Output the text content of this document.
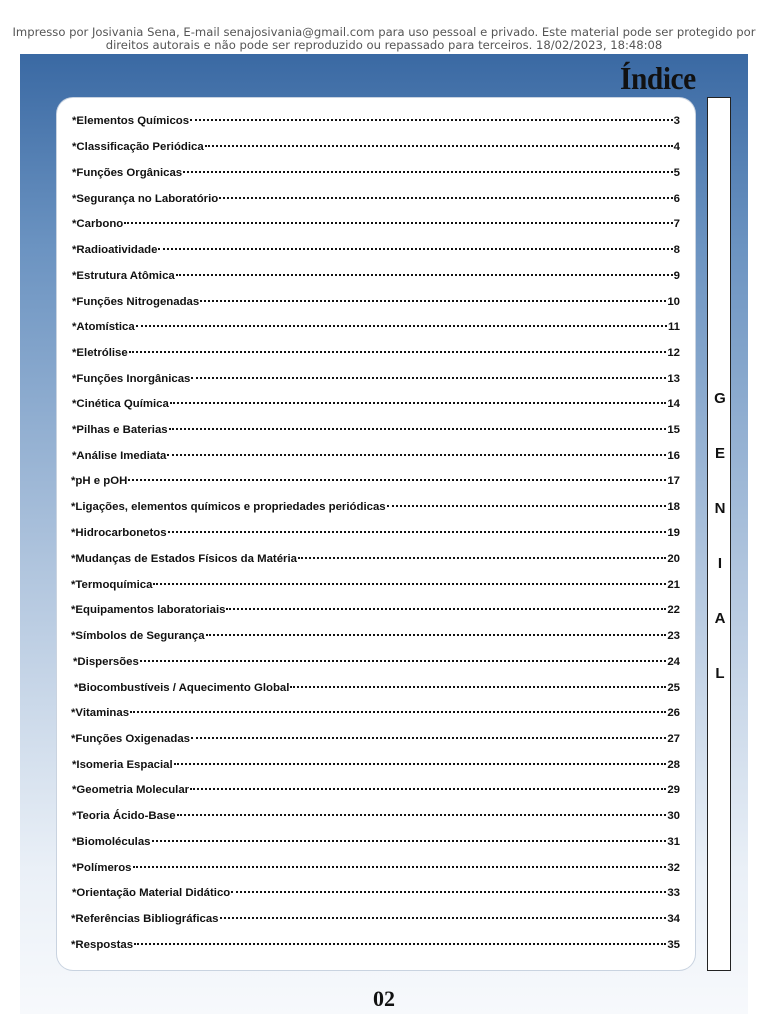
Impresso por Josivania Sena, E-mail senajosivania@gmail.com para uso pessoal e privado. Este material pode ser protegido por
direitos autorais e não pode ser reproduzido ou repassado para terceiros. 18/02/2023, 18:48:08
Índice
*Elementos Químicos	3
*Classificação Periódica	4
*Funções Orgânicas	5
*Segurança no Laboratório	6
*Carbono	7
*Radioatividade	8
*Estrutura Atômica	9
*Funções Nitrogenadas	10
*Atomística	11
*Eletrólise	12
*Funções Inorgânicas	13
*Cinética Química	14
*Pilhas e Baterias	15
*Análise Imediata	16
*pH e pOH	17
*Ligações, elementos químicos e propriedades periódicas	18
*Hidrocarbonetos	19
*Mudanças de Estados Físicos da Matéria	20
*Termoquímica	21
*Equipamentos laboratoriais	22
*Símbolos de Segurança	23
*Dispersões	24
*Biocombustíveis / Aquecimento Global	25
*Vitaminas	26
*Funções Oxigenadas	27
*Isomeria Espacial	28
*Geometria Molecular	29
*Teoria Ácido-Base	30
*Biomoléculas	31
*Polímeros	32
*Orientação Material Didático	33
*Referências Bibliográficas	34
*Respostas	35
G
E
N
I
A
L
02
